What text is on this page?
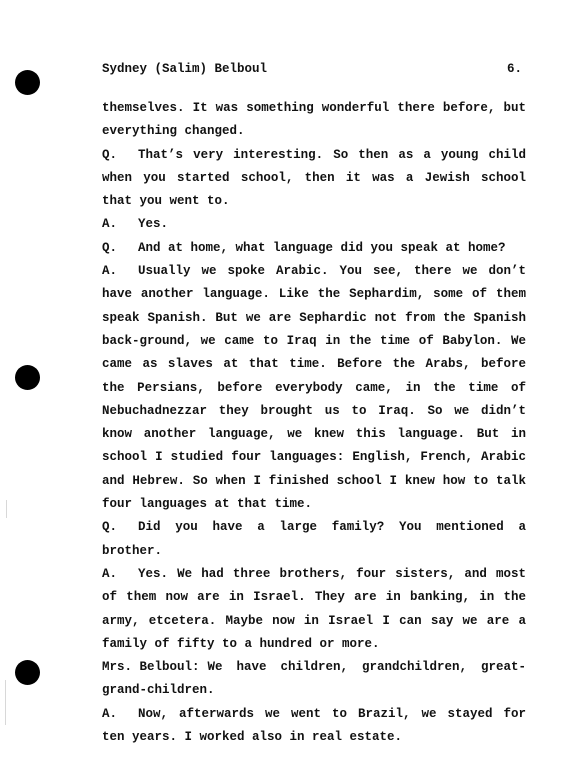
Sydney (Salim) Belboul	6.

themselves. It was something wonderful there before, but everything changed.

Q. That’s very interesting. So then as a young child when you started school, then it was a Jewish school that you went to.

A. Yes.

Q. And at home, what language did you speak at home?

A. Usually we spoke Arabic. You see, there we don’t have another language. Like the Sephardim, some of them speak Spanish. But we are Sephardic not from the Spanish back-ground, we came to Iraq in the time of Babylon. We came as slaves at that time. Before the Arabs, before the Persians, before everybody came, in the time of Nebuchadnezzar they brought us to Iraq. So we didn’t know another language, we knew this language. But in school I studied four languages: English, French, Arabic and Hebrew. So when I finished school I knew how to talk four languages at that time.

Q. Did you have a large family? You mentioned a brother.

A. Yes. We had three brothers, four sisters, and most of them now are in Israel. They are in banking, in the army, etcetera. Maybe now in Israel I can say we are a family of fifty to a hundred or more.

Mrs. Belboul: We have children, grandchildren, great-grand-children.

A. Now, afterwards we went to Brazil, we stayed for ten years. I worked also in real estate.
